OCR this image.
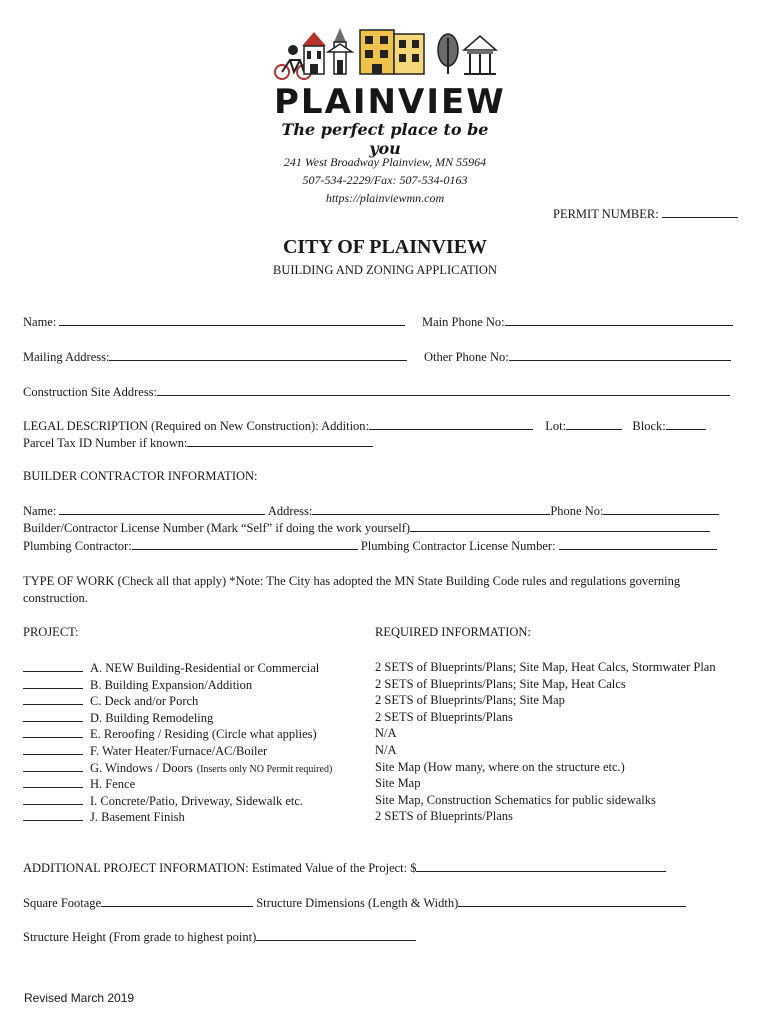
PLAINVIEW
The perfect place to be you
241 West Broadway Plainview, MN 55964
507-534-2229/Fax: 507-534-0163
https://plainviewmn.com
PERMIT NUMBER:
CITY OF PLAINVIEW
BUILDING AND ZONING APPLICATION
Name:	Main Phone No:
Mailing Address:	Other Phone No:
Construction Site Address:
LEGAL DESCRIPTION (Required on New Construction): Addition:	Lot:	Block:
Parcel Tax ID Number if known:
BUILDER CONTRACTOR INFORMATION:
Name:	Address:	Phone No:
Builder/Contractor License Number (Mark “Self” if doing the work yourself)
Plumbing Contractor:	Plumbing Contractor License Number:
TYPE OF WORK (Check all that apply) *Note: The City has adopted the MN State Building Code rules and regulations governing
construction.
PROJECT:	REQUIRED INFORMATION:
A. NEW Building-Residential or Commercial	2 SETS of Blueprints/Plans; Site Map, Heat Calcs, Stormwater Plan
B. Building Expansion/Addition	2 SETS of Blueprints/Plans; Site Map, Heat Calcs
C. Deck and/or Porch	2 SETS of Blueprints/Plans; Site Map
D. Building Remodeling	2 SETS of Blueprints/Plans
E. Reroofing / Residing (Circle what applies)	N/A
F. Water Heater/Furnace/AC/Boiler	N/A
G. Windows / Doors (Inserts only NO Permit required)	Site Map (How many, where on the structure etc.)
H. Fence	Site Map
I. Concrete/Patio, Driveway, Sidewalk etc.	Site Map, Construction Schematics for public sidewalks
J. Basement Finish	2 SETS of Blueprints/Plans
ADDITIONAL PROJECT INFORMATION: Estimated Value of the Project: $
Square Footage	Structure Dimensions (Length & Width)
Structure Height (From grade to highest point)
Revised March 2019
